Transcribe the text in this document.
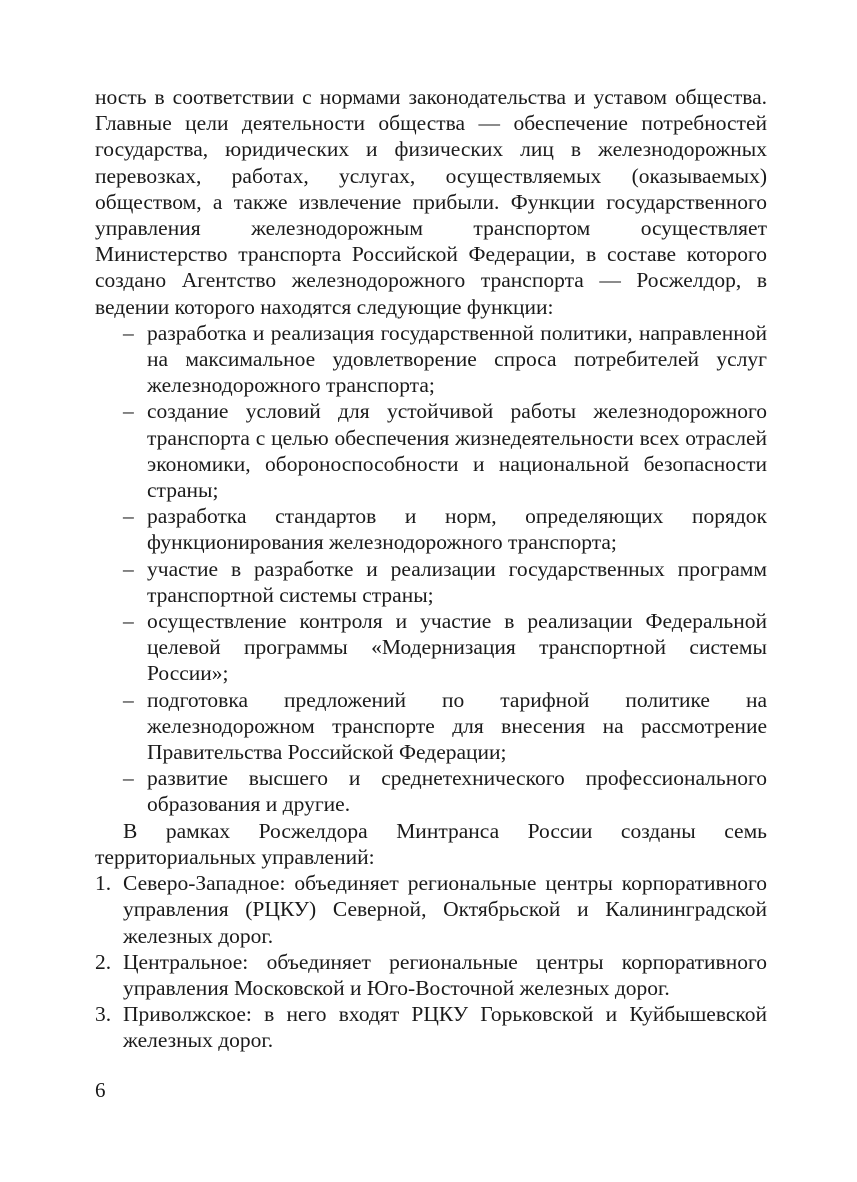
ность в соответствии с нормами законодательства и уставом общества. Главные цели деятельности общества — обеспечение потребностей государства, юридических и физических лиц в железнодорожных перевозках, работах, услугах, осуществляемых (оказываемых) обществом, а также извлечение прибыли. Функции государственного управления железнодорожным транспортом осуществляет Министерство транспорта Российской Федерации, в составе которого создано Агентство железнодорожного транспорта — Росжелдор, в ведении которого находятся следующие функции:

– разработка и реализация государственной политики, направленной на максимальное удовлетворение спроса потребителей услуг железнодорожного транспорта;
– создание условий для устойчивой работы железнодорожного транспорта с целью обеспечения жизнедеятельности всех отраслей экономики, обороноспособности и национальной безопасности страны;
– разработка стандартов и норм, определяющих порядок функционирования железнодорожного транспорта;
– участие в разработке и реализации государственных программ транспортной системы страны;
– осуществление контроля и участие в реализации Федеральной целевой программы «Модернизация транспортной системы России»;
– подготовка предложений по тарифной политике на железнодорожном транспорте для внесения на рассмотрение Правительства Российской Федерации;
– развитие высшего и среднетехнического профессионального образования и другие.

В рамках Росжелдора Минтранса России созданы семь территориальных управлений:

1. Северо-Западное: объединяет региональные центры корпоративного управления (РЦКУ) Северной, Октябрьской и Калининградской железных дорог.
2. Центральное: объединяет региональные центры корпоративного управления Московской и Юго-Восточной железных дорог.
3. Приволжское: в него входят РЦКУ Горьковской и Куйбышевской железных дорог.
6
